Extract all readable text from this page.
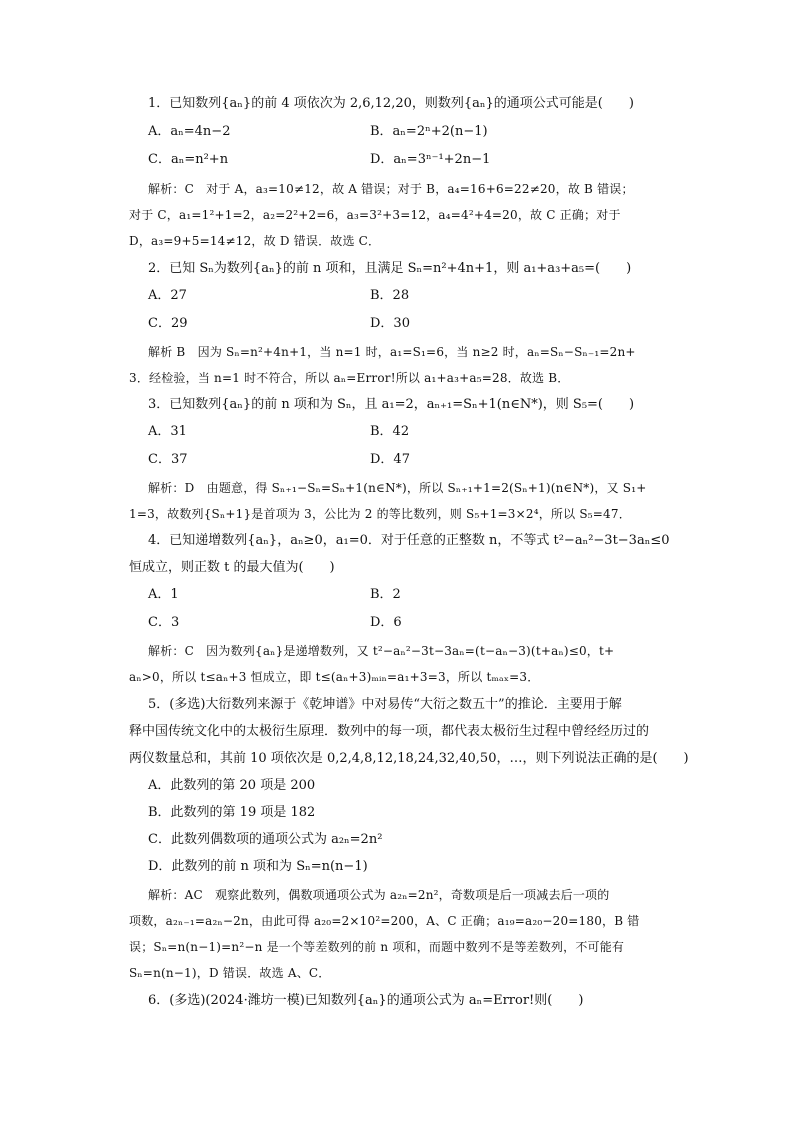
1．已知数列{aₙ}的前 4 项依次为 2,6,12,20，则数列{aₙ}的通项公式可能是(　　)
A．aₙ=4n−2	B．aₙ=2ⁿ+2(n−1)
C．aₙ=n²+n	D．aₙ=3ⁿ⁻¹+2n−1
解析：C　对于 A，a₃=10≠12，故 A 错误；对于 B，a₄=16+6=22≠20，故 B 错误；
对于 C，a₁=1²+1=2，a₂=2²+2=6，a₃=3²+3=12，a₄=4²+4=20，故 C 正确；对于
D，a₃=9+5=14≠12，故 D 错误．故选 C．
2．已知 Sₙ为数列{aₙ}的前 n 项和，且满足 Sₙ=n²+4n+1，则 a₁+a₃+a₅=(　　)
A．27	B．28
C．29	D．30
解析 B　因为 Sₙ=n²+4n+1，当 n=1 时，a₁=S₁=6，当 n≥2 时，aₙ=Sₙ−Sₙ₋₁=2n+
3．经检验，当 n=1 时不符合，所以 aₙ=Error!所以 a₁+a₃+a₅=28．故选 B．
3．已知数列{aₙ}的前 n 项和为 Sₙ，且 a₁=2，aₙ₊₁=Sₙ+1(n∈N*)，则 S₅=(　　)
A．31	B．42
C．37	D．47
解析：D　由题意，得 Sₙ₊₁−Sₙ=Sₙ+1(n∈N*)，所以 Sₙ₊₁+1=2(Sₙ+1)(n∈N*)，又 S₁+
1=3，故数列{Sₙ+1}是首项为 3，公比为 2 的等比数列，则 S₅+1=3×2⁴，所以 S₅=47．
4．已知递增数列{aₙ}，aₙ≥0，a₁=0．对于任意的正整数 n，不等式 t²−aₙ²−3t−3aₙ≤0
恒成立，则正数 t 的最大值为(　　)
A．1	B．2
C．3	D．6
解析：C　因为数列{aₙ}是递增数列，又 t²−aₙ²−3t−3aₙ=(t−aₙ−3)(t+aₙ)≤0，t+
aₙ>0，所以 t≤aₙ+3 恒成立，即 t≤(aₙ+3)ₘᵢₙ=a₁+3=3，所以 tₘₐₓ=3．
5．(多选)大衍数列来源于《乾坤谱》中对易传“大衍之数五十”的推论．主要用于解
释中国传统文化中的太极衍生原理．数列中的每一项，都代表太极衍生过程中曾经经历过的
两仪数量总和，其前 10 项依次是 0,2,4,8,12,18,24,32,40,50，…，则下列说法正确的是(　　)
A．此数列的第 20 项是 200
B．此数列的第 19 项是 182
C．此数列偶数项的通项公式为 a₂ₙ=2n²
D．此数列的前 n 项和为 Sₙ=n(n−1)
解析：AC　观察此数列，偶数项通项公式为 a₂ₙ=2n²，奇数项是后一项减去后一项的
项数，a₂ₙ₋₁=a₂ₙ−2n，由此可得 a₂₀=2×10²=200，A、C 正确；a₁₉=a₂₀−20=180，B 错
误；Sₙ=n(n−1)=n²−n 是一个等差数列的前 n 项和，而题中数列不是等差数列，不可能有
Sₙ=n(n−1)，D 错误．故选 A、C．
6．(多选)(2024·潍坊一模)已知数列{aₙ}的通项公式为 aₙ=Error!则(　　)
